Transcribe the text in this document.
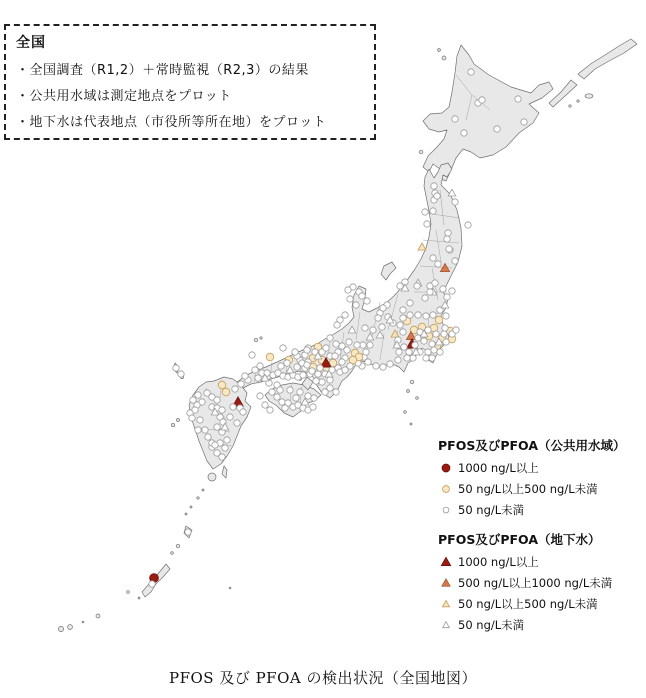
全国
・全国調査（R1,2）＋常時監視（R2,3）の結果
・公共用水域は測定地点をプロット
・地下水は代表地点（市役所等所在地）をプロット
PFOS及びPFOA（公共用水域）
1000 ng/L以上
50 ng/L以上500 ng/L未満
50 ng/L未満
PFOS及びPFOA（地下水）
1000 ng/L以上
500 ng/L以上1000 ng/L未満
50 ng/L以上500 ng/L未満
50 ng/L未満
PFOS 及び PFOA の検出状況（全国地図）
